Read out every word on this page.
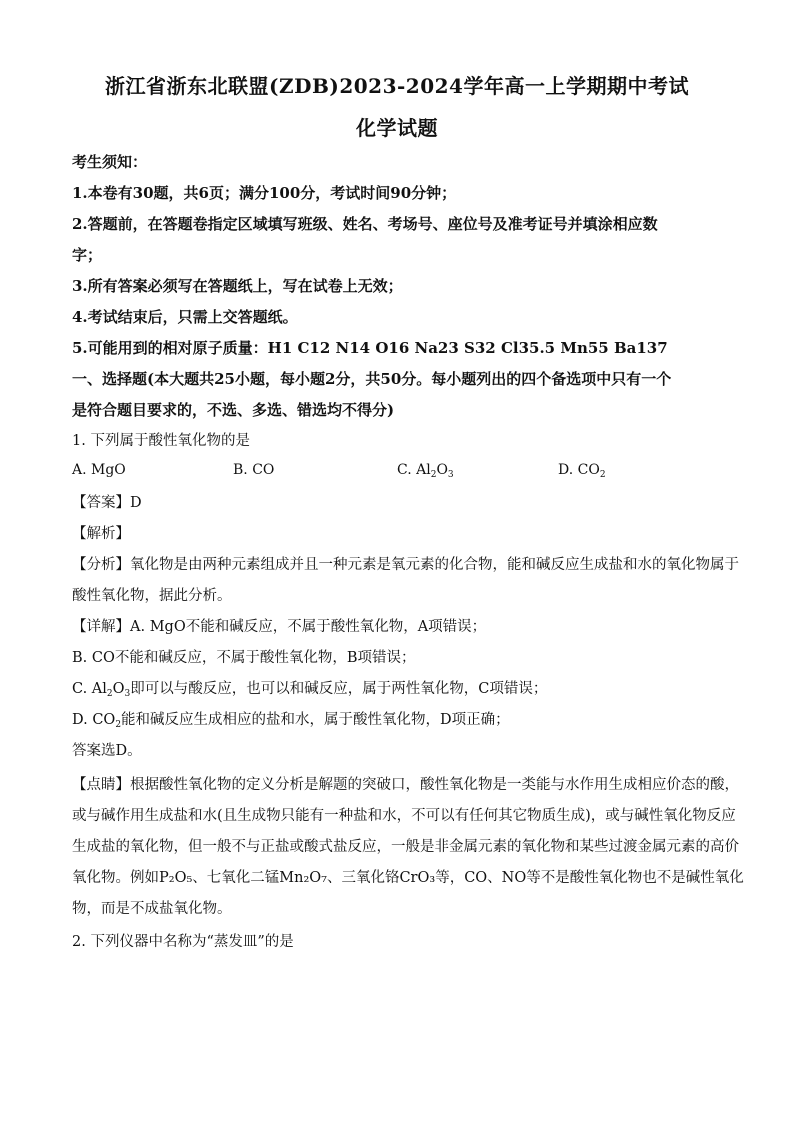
浙江省浙东北联盟(ZDB)2023-2024学年高一上学期期中考试
化学试题
考生须知：
1.本卷有30题，共6页；满分100分，考试时间90分钟；
2.答题前，在答题卷指定区域填写班级、姓名、考场号、座位号及准考证号并填涂相应数
字；
3.所有答案必须写在答题纸上，写在试卷上无效；
4.考试结束后，只需上交答题纸。
5.可能用到的相对原子质量：H1 C12 N14 O16 Na23 S32 Cl35.5 Mn55 Ba137
一、选择题(本大题共25小题，每小题2分，共50分。每小题列出的四个备选项中只有一个
是符合题目要求的，不选、多选、错选均不得分)
1. 下列属于酸性氧化物的是
A. MgO	B. CO	C. $Al_2O_3$	D. $CO_2$
【答案】D
【解析】
【分析】氧化物是由两种元素组成并且一种元素是氧元素的化合物，能和碱反应生成盐和水的氧化物属于
酸性氧化物，据此分析。
【详解】A. MgO不能和碱反应，不属于酸性氧化物，A项错误；
B. CO不能和碱反应，不属于酸性氧化物，B项错误；
C. $Al_2O_3$即可以与酸反应，也可以和碱反应，属于两性氧化物，C项错误；
D. $CO_2$能和碱反应生成相应的盐和水，属于酸性氧化物，D项正确；
答案选D。
【点睛】根据酸性氧化物的定义分析是解题的突破口，酸性氧化物是一类能与水作用生成相应价态的酸，
或与碱作用生成盐和水(且生成物只能有一种盐和水，不可以有任何其它物质生成)，或与碱性氧化物反应
生成盐的氧化物，但一般不与正盐或酸式盐反应，一般是非金属元素的氧化物和某些过渡金属元素的高价
氧化物。例如P₂O₅、七氧化二锰Mn₂O₇、三氧化铬CrO₃等，CO、NO等不是酸性氧化物也不是碱性氧化
物，而是不成盐氧化物。
2. 下列仪器中名称为“蒸发皿”的是
